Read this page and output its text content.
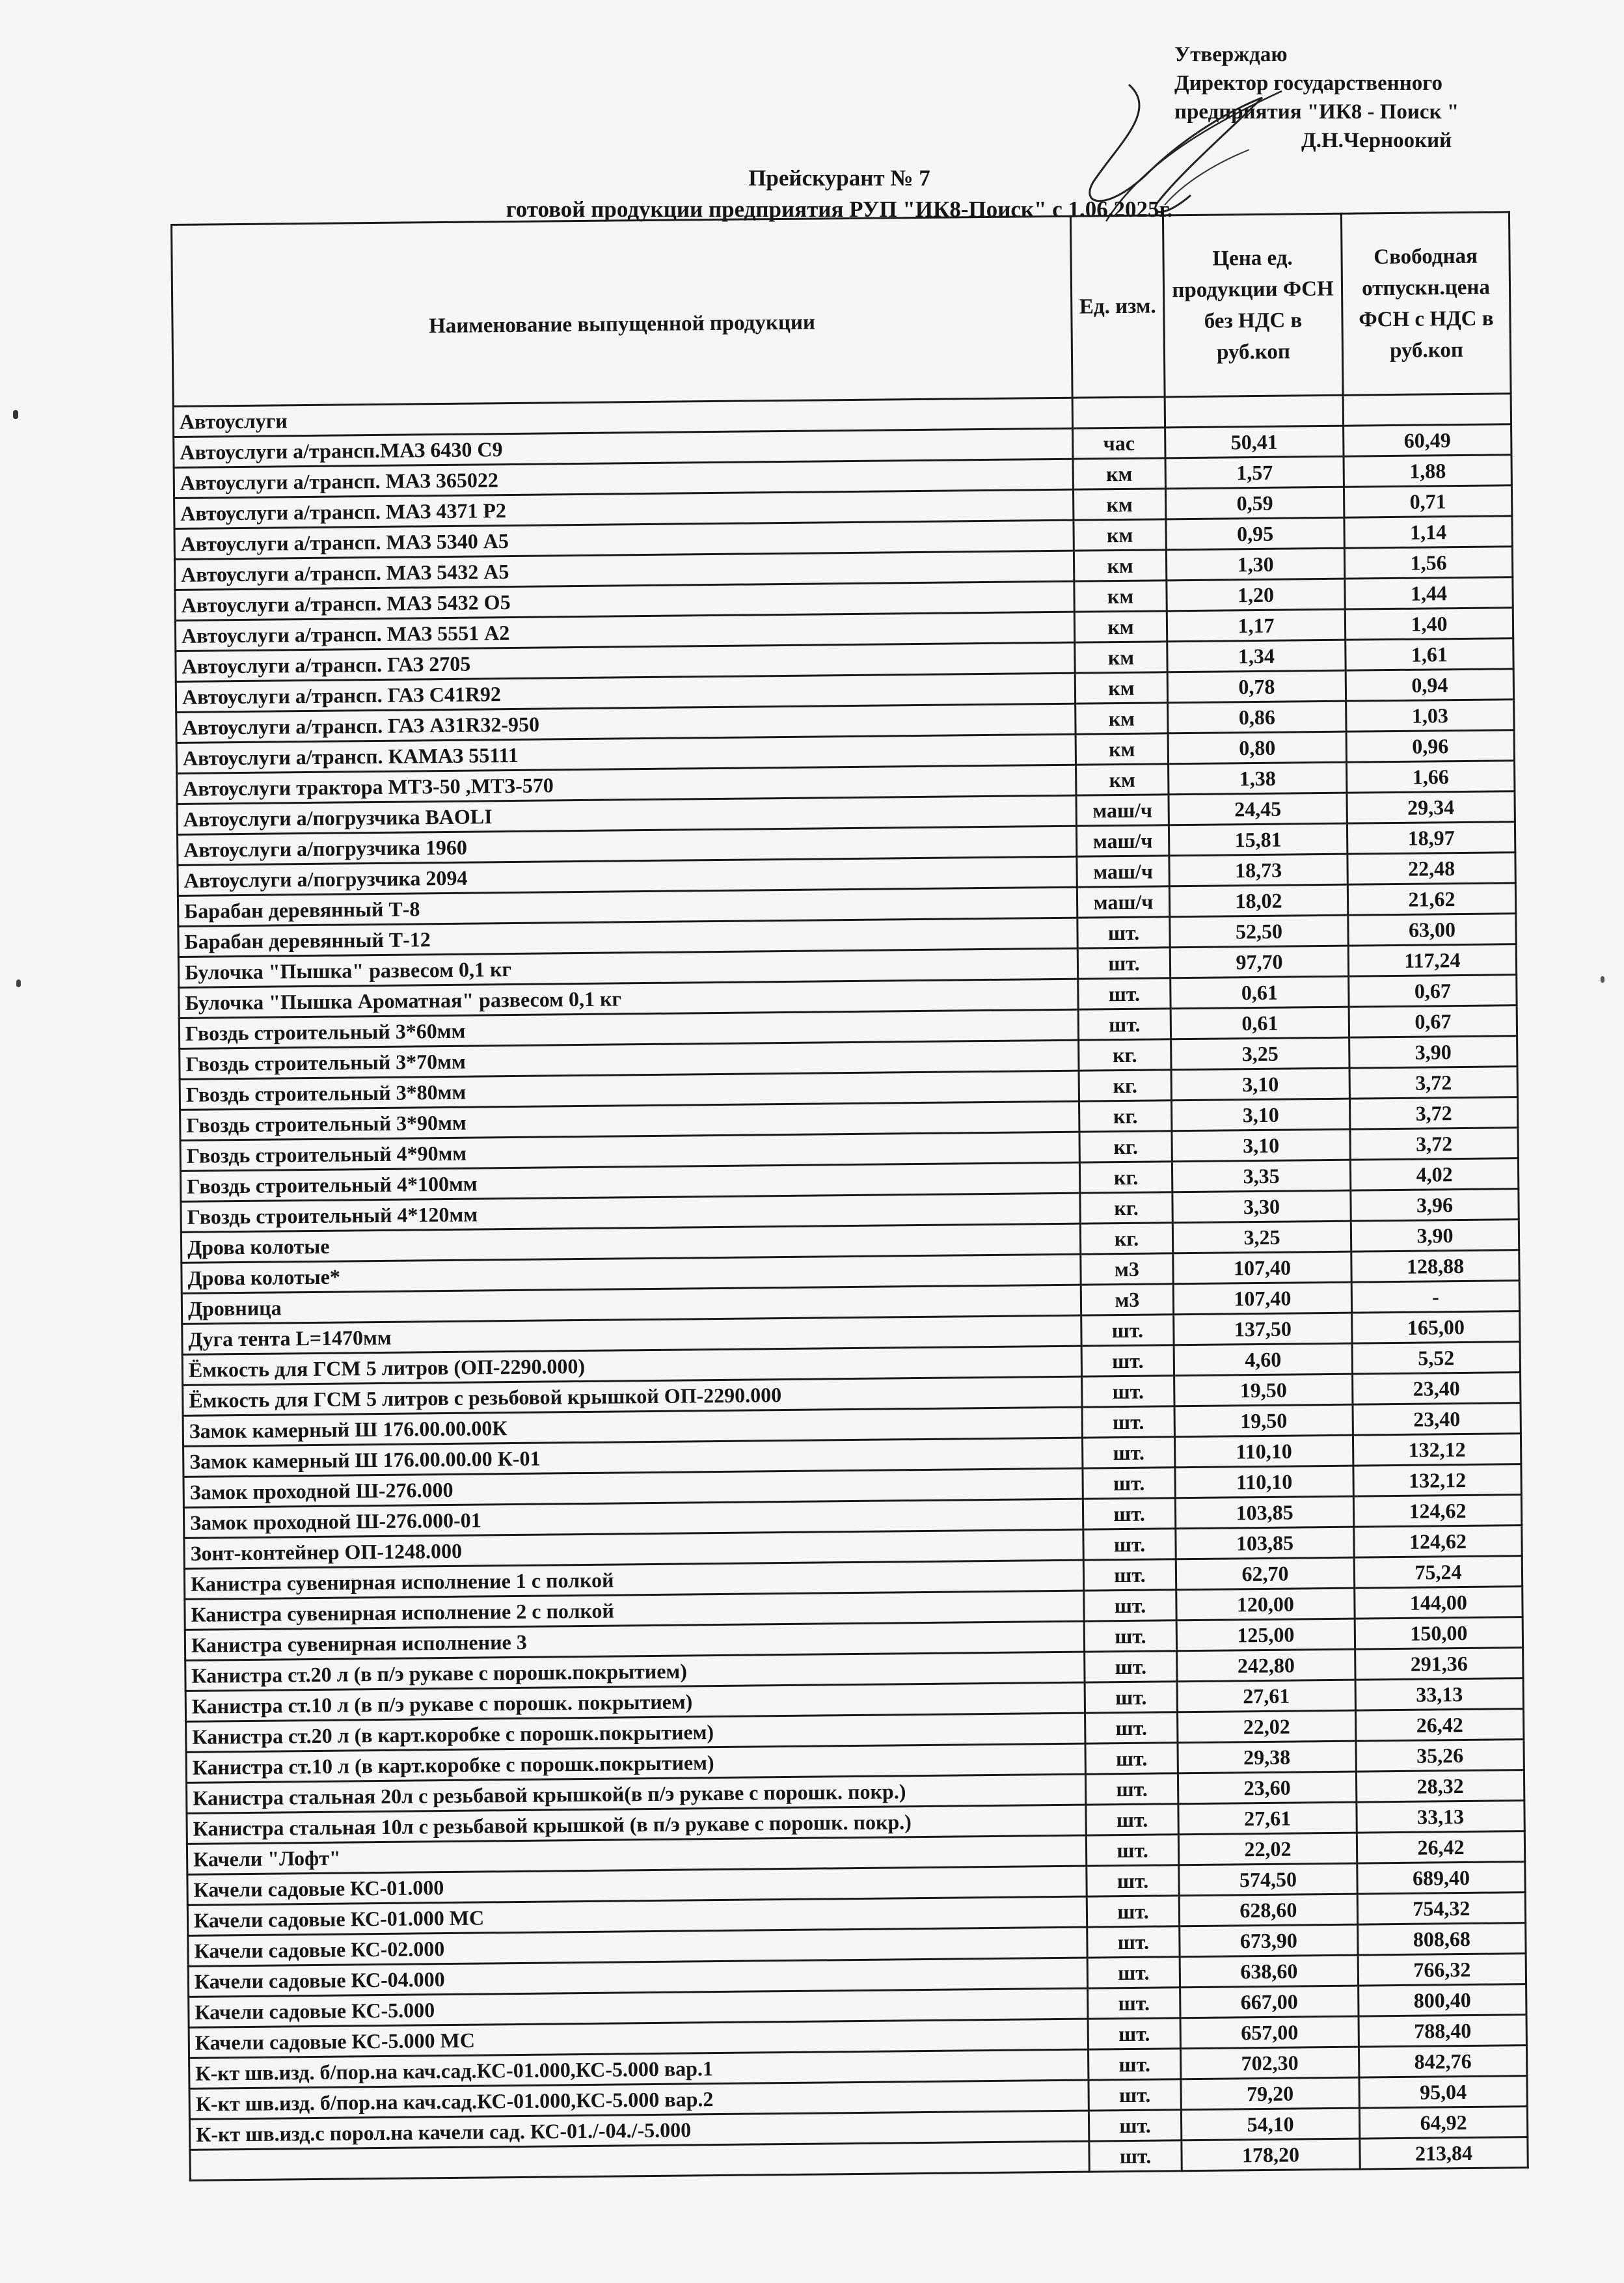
Утверждаю
Директор государственного
предприятия "ИК8 - Поиск "
Д.Н.Черноокий
Прейскурант № 7
готовой продукции предприятия РУП "ИК8-Поиск" с 1.06.2025г.
Наименование выпущенной продукции	Ед. изм.	Цена ед. продукции ФСН без НДС в руб.коп	Свободная отпускн.цена ФСН с НДС в руб.коп
Автоуслуги			
Автоуслуги а/трансп.МАЗ 6430 С9	час	50,41	60,49
Автоуслуги а/трансп. МАЗ 365022	км	1,57	1,88
Автоуслуги а/трансп. МАЗ 4371 Р2	км	0,59	0,71
Автоуслуги а/трансп. МАЗ 5340 А5	км	0,95	1,14
Автоуслуги а/трансп. МАЗ 5432 А5	км	1,30	1,56
Автоуслуги а/трансп. МАЗ 5432 О5	км	1,20	1,44
Автоуслуги а/трансп. МАЗ 5551 А2	км	1,17	1,40
Автоуслуги а/трансп. ГАЗ 2705	км	1,34	1,61
Автоуслуги а/трансп. ГАЗ С41R92	км	0,78	0,94
Автоуслуги а/трансп. ГАЗ А31R32-950	км	0,86	1,03
Автоуслуги а/трансп. КАМАЗ 55111	км	0,80	0,96
Автоуслуги трактора МТЗ-50 ,МТЗ-570	км	1,38	1,66
Автоуслуги а/погрузчика BAOLI	маш/ч	24,45	29,34
Автоуслуги а/погрузчика 1960	маш/ч	15,81	18,97
Автоуслуги а/погрузчика 2094	маш/ч	18,73	22,48
Барабан деревянный Т-8	маш/ч	18,02	21,62
Барабан деревянный Т-12	шт.	52,50	63,00
Булочка "Пышка" развесом 0,1 кг	шт.	97,70	117,24
Булочка "Пышка Ароматная" развесом 0,1 кг	шт.	0,61	0,67
Гвоздь строительный 3*60мм	шт.	0,61	0,67
Гвоздь строительный 3*70мм	кг.	3,25	3,90
Гвоздь строительный 3*80мм	кг.	3,10	3,72
Гвоздь строительный 3*90мм	кг.	3,10	3,72
Гвоздь строительный 4*90мм	кг.	3,10	3,72
Гвоздь строительный 4*100мм	кг.	3,35	4,02
Гвоздь строительный 4*120мм	кг.	3,30	3,96
Дрова колотые	кг.	3,25	3,90
Дрова колотые*	м3	107,40	128,88
Дровница	м3	107,40	-
Дуга тента L=1470мм	шт.	137,50	165,00
Ёмкость для ГСМ 5 литров (ОП-2290.000)	шт.	4,60	5,52
Ёмкость для ГСМ 5 литров с резьбовой крышкой ОП-2290.000	шт.	19,50	23,40
Замок камерный Ш 176.00.00.00К	шт.	19,50	23,40
Замок камерный Ш 176.00.00.00 К-01	шт.	110,10	132,12
Замок проходной Ш-276.000	шт.	110,10	132,12
Замок проходной Ш-276.000-01	шт.	103,85	124,62
Зонт-контейнер ОП-1248.000	шт.	103,85	124,62
Канистра сувенирная исполнение 1 с полкой	шт.	62,70	75,24
Канистра сувенирная исполнение 2 с полкой	шт.	120,00	144,00
Канистра сувенирная исполнение 3	шт.	125,00	150,00
Канистра ст.20 л (в п/э рукаве с порошк.покрытием)	шт.	242,80	291,36
Канистра ст.10 л (в п/э рукаве с порошк. покрытием)	шт.	27,61	33,13
Канистра ст.20 л (в карт.коробке с порошк.покрытием)	шт.	22,02	26,42
Канистра ст.10 л (в карт.коробке с порошк.покрытием)	шт.	29,38	35,26
Канистра стальная 20л с резьбавой крышкой(в п/э рукаве с порошк. покр.)	шт.	23,60	28,32
Канистра стальная 10л с резьбавой крышкой (в п/э рукаве с порошк. покр.)	шт.	27,61	33,13
Качели "Лофт"	шт.	22,02	26,42
Качели садовые КС-01.000	шт.	574,50	689,40
Качели садовые КС-01.000 МС	шт.	628,60	754,32
Качели садовые КС-02.000	шт.	673,90	808,68
Качели садовые КС-04.000	шт.	638,60	766,32
Качели садовые КС-5.000	шт.	667,00	800,40
Качели садовые КС-5.000 МС	шт.	657,00	788,40
К-кт шв.изд. б/пор.на кач.сад.КС-01.000,КС-5.000 вар.1	шт.	702,30	842,76
К-кт шв.изд. б/пор.на кач.сад.КС-01.000,КС-5.000 вар.2	шт.	79,20	95,04
К-кт шв.изд.с порол.на качели сад. КС-01./-04./-5.000	шт.	54,10	64,92
	шт.	178,20	213,84
